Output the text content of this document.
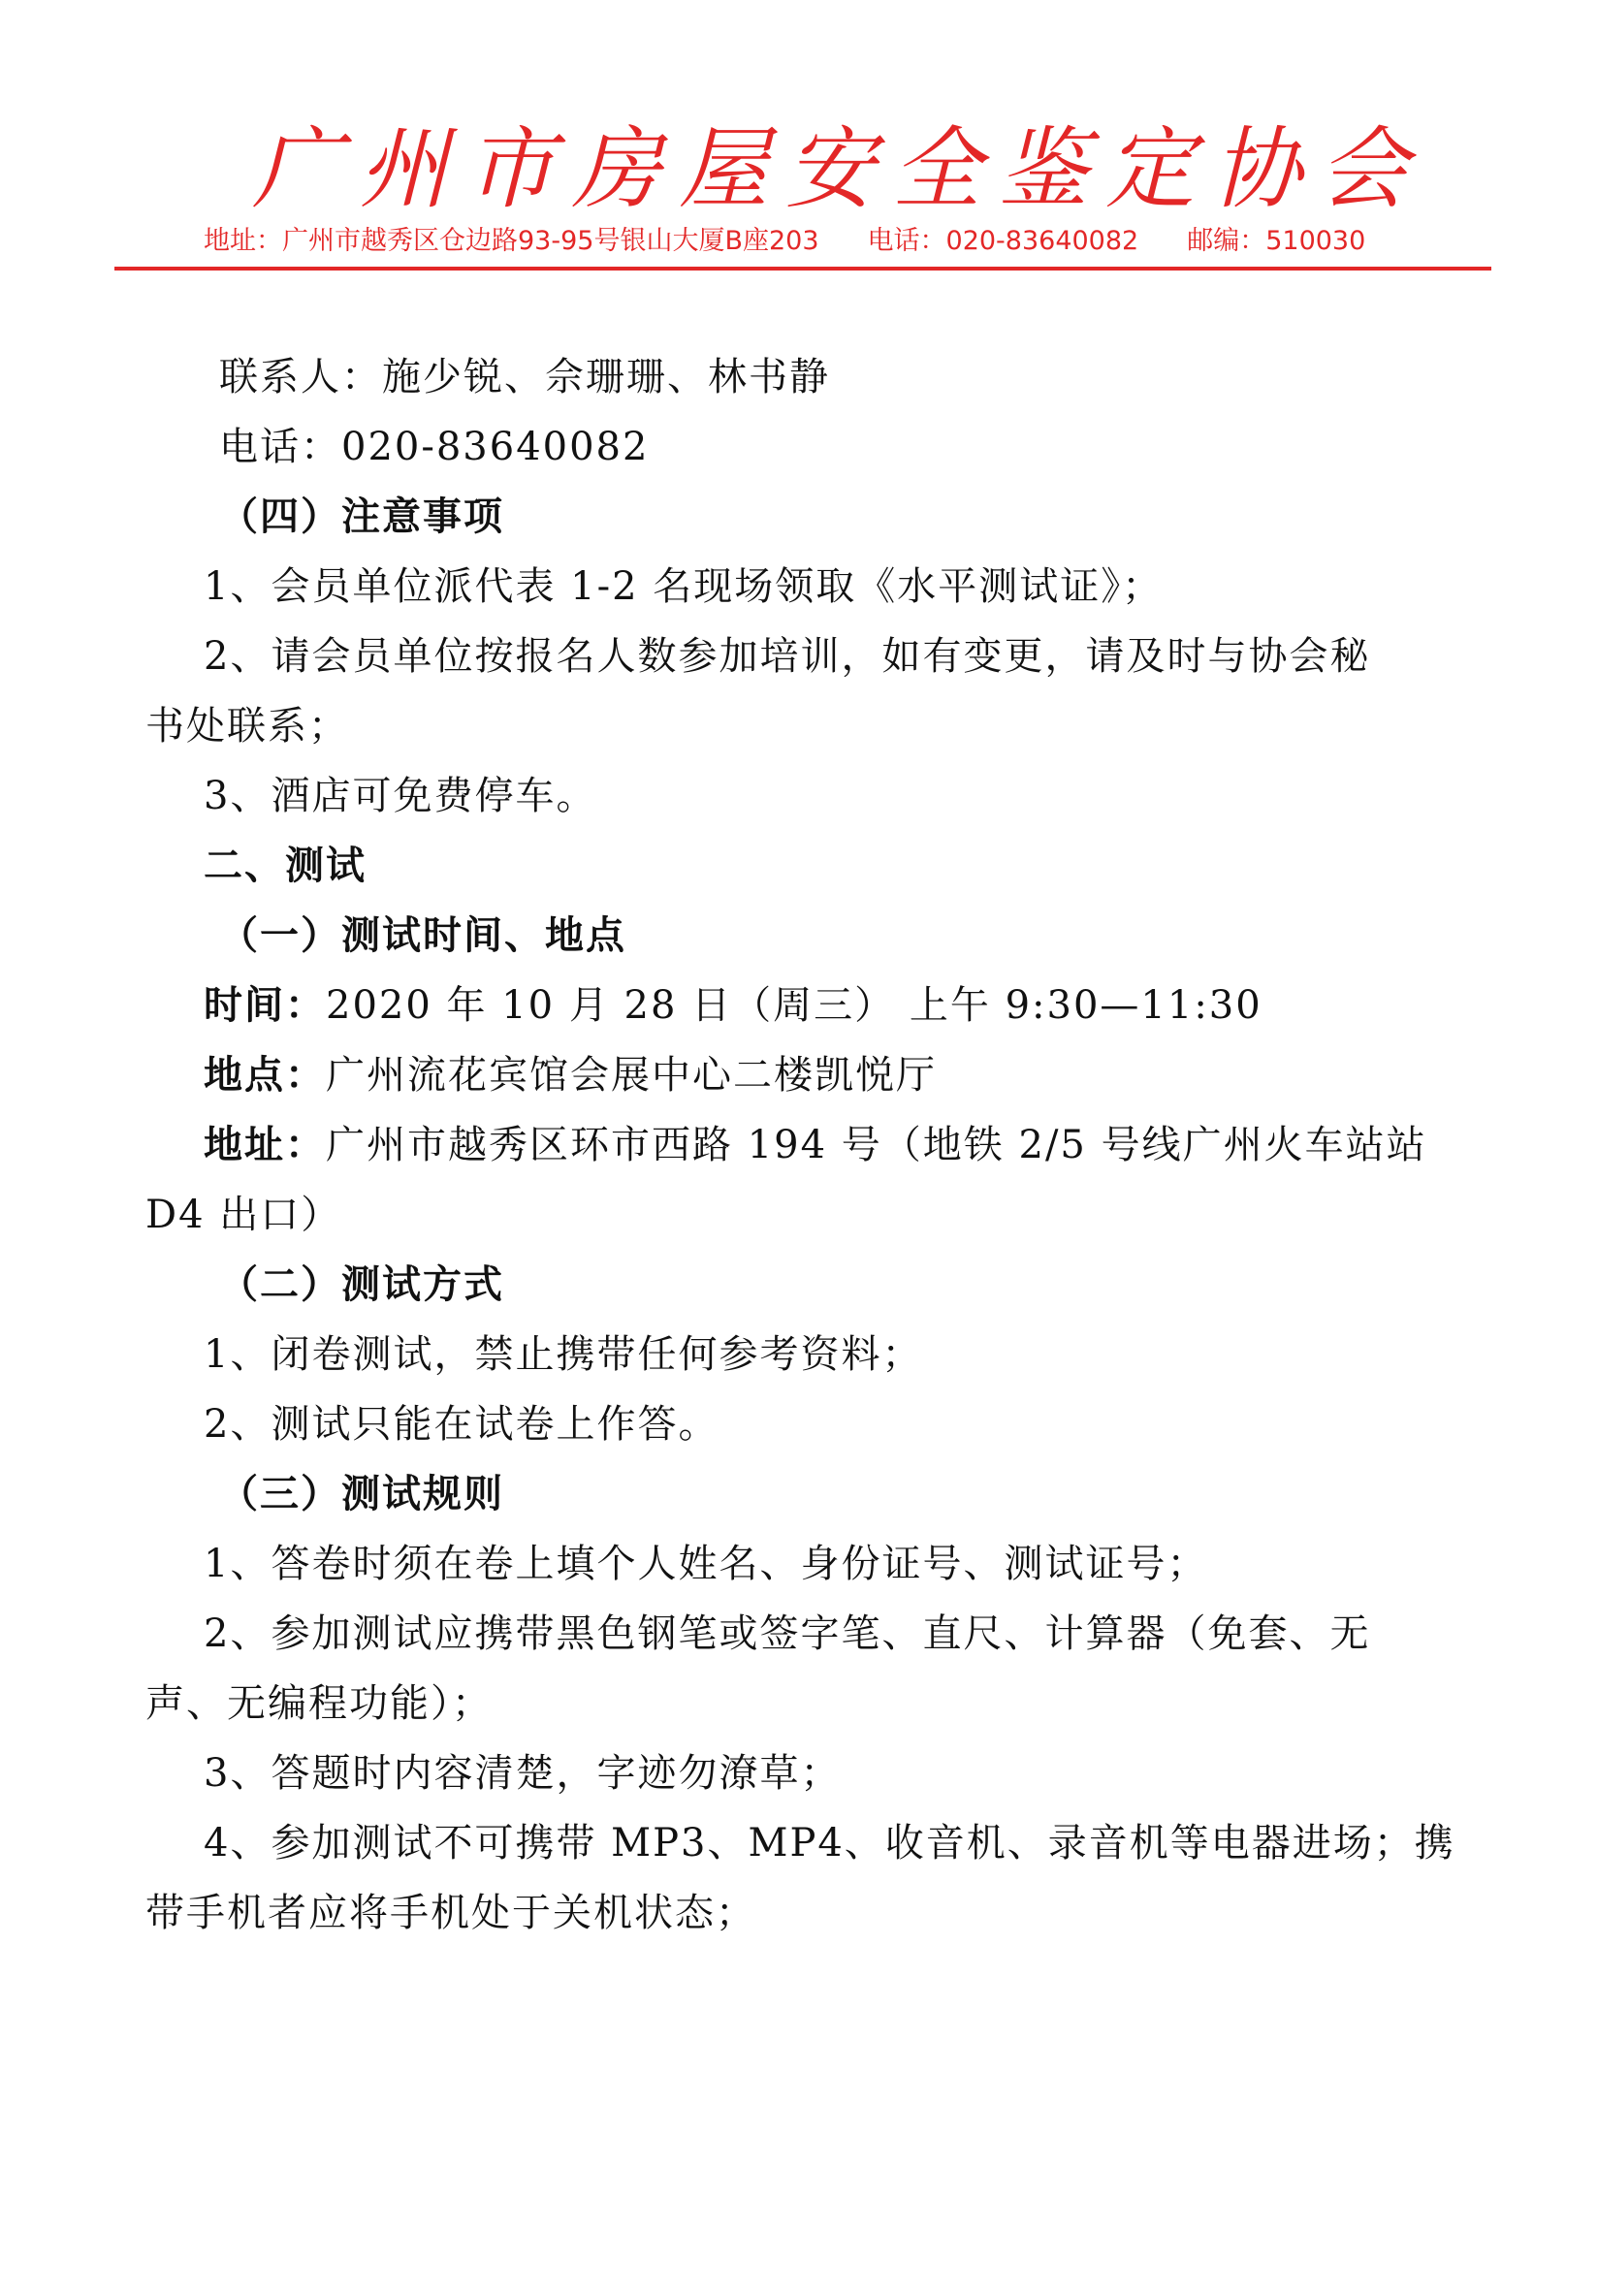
广州市房屋安全鉴定协会
地址：广州市越秀区仓边路93-95号银山大厦B座203 电话：020-83640082 邮编：510030
联系人：施少锐、佘珊珊、林书静
电话：020-83640082
（四）注意事项
1、会员单位派代表 1-2 名现场领取《水平测试证》；
2、请会员单位按报名人数参加培训，如有变更，请及时与协会秘
书处联系；
3、酒店可免费停车。
二、测试
（一）测试时间、地点
时间：2020 年 10 月 28 日（周三） 上午 9:30—11:30
地点：广州流花宾馆会展中心二楼凯悦厅
地址：广州市越秀区环市西路 194 号（地铁 2/5 号线广州火车站站
D4 出口）
（二）测试方式
1、闭卷测试，禁止携带任何参考资料；
2、测试只能在试卷上作答。
（三）测试规则
1、答卷时须在卷上填个人姓名、身份证号、测试证号；
2、参加测试应携带黑色钢笔或签字笔、直尺、计算器（免套、无
声、无编程功能）；
3、答题时内容清楚，字迹勿潦草；
4、参加测试不可携带 MP3、MP4、收音机、录音机等电器进场；携
带手机者应将手机处于关机状态；
